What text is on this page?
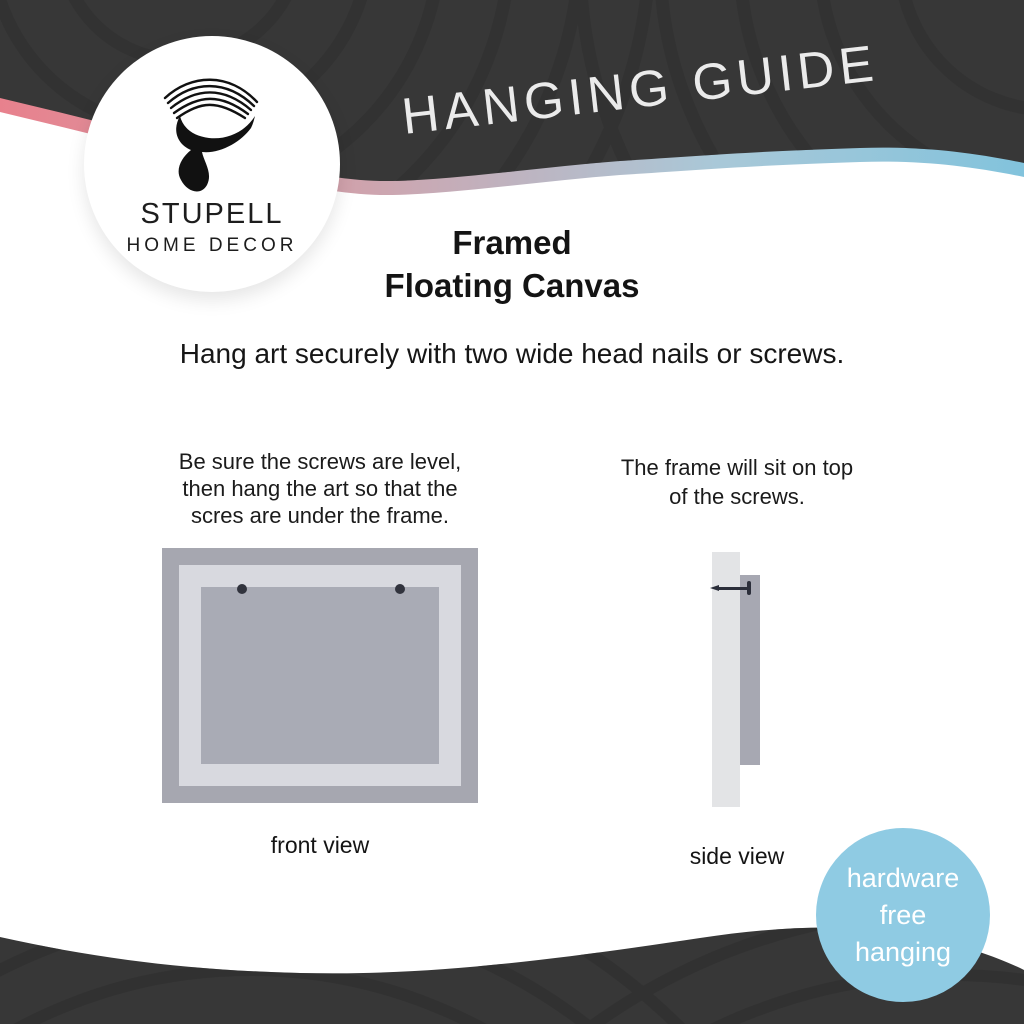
HANGING GUIDE
STUPELL
HOME DECOR	Framed
Floating Canvas
Hang art securely with two wide head nails or screws.
Be sure the screws are level,
then hang the art so that the
scres are under the frame.
The frame will sit on top
of the screws.
front view	side view
hardware
free
hanging
